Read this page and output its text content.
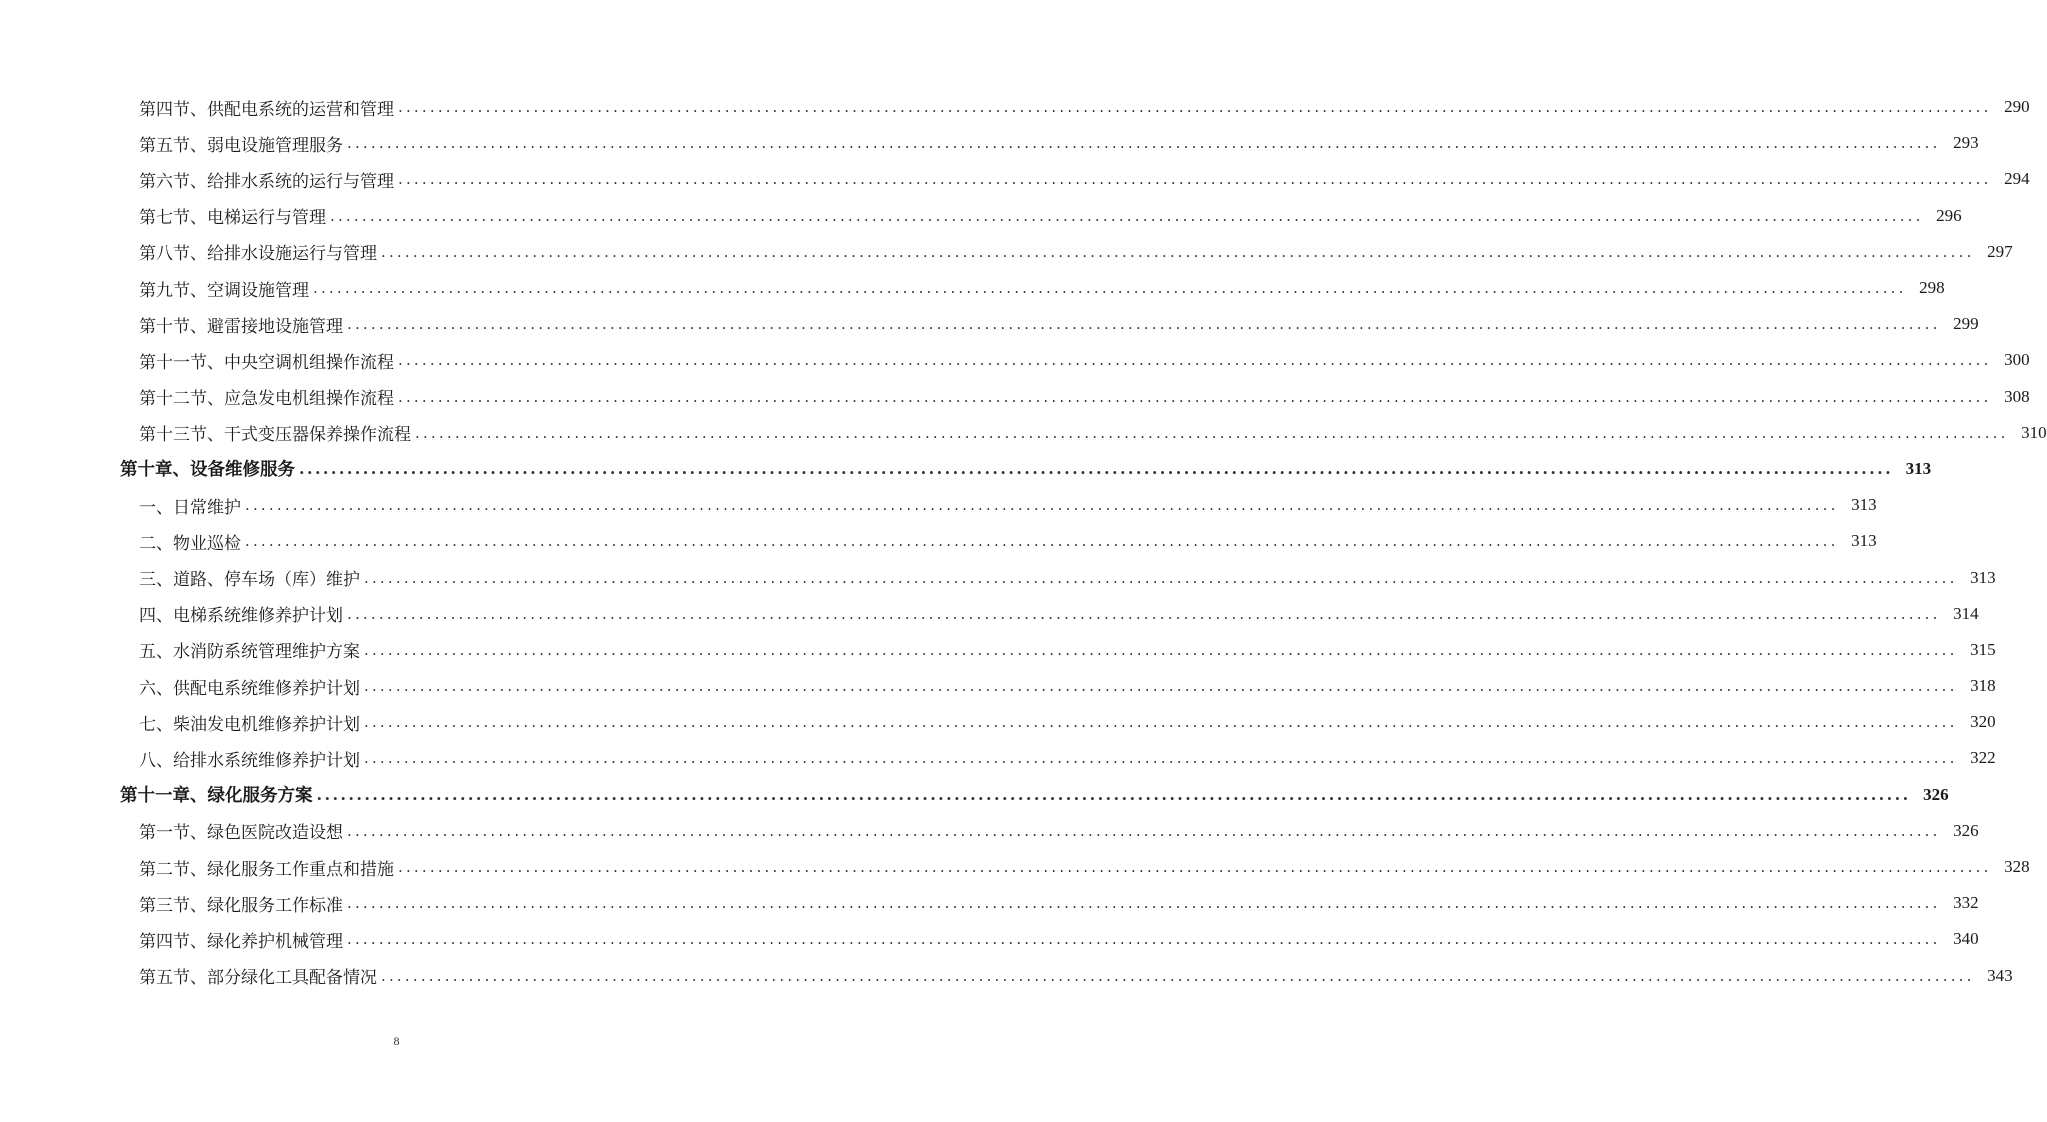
第四节、供配电系统的运营和管理 ........................................................................................................................................................................................................ 290
第五节、弱电设施管理服务 ........................................................................................................................................................................................................ 293
第六节、给排水系统的运行与管理 ........................................................................................................................................................................................................ 294
第七节、电梯运行与管理 ........................................................................................................................................................................................................ 296
第八节、给排水设施运行与管理 ........................................................................................................................................................................................................ 297
第九节、空调设施管理 ........................................................................................................................................................................................................ 298
第十节、避雷接地设施管理 ........................................................................................................................................................................................................ 299
第十一节、中央空调机组操作流程 ........................................................................................................................................................................................................ 300
第十二节、应急发电机组操作流程 ........................................................................................................................................................................................................ 308
第十三节、干式变压器保养操作流程 ........................................................................................................................................................................................................ 310
第十章、设备维修服务 ........................................................................................................................................................................................................ 313
一、日常维护 ........................................................................................................................................................................................................ 313
二、物业巡检 ........................................................................................................................................................................................................ 313
三、道路、停车场（库）维护 ........................................................................................................................................................................................................ 313
四、电梯系统维修养护计划 ........................................................................................................................................................................................................ 314
五、水消防系统管理维护方案 ........................................................................................................................................................................................................ 315
六、供配电系统维修养护计划 ........................................................................................................................................................................................................ 318
七、柴油发电机维修养护计划 ........................................................................................................................................................................................................ 320
八、给排水系统维修养护计划 ........................................................................................................................................................................................................ 322
第十一章、绿化服务方案 ........................................................................................................................................................................................................ 326
第一节、绿色医院改造设想 ........................................................................................................................................................................................................ 326
第二节、绿化服务工作重点和措施 ........................................................................................................................................................................................................ 328
第三节、绿化服务工作标准 ........................................................................................................................................................................................................ 332
第四节、绿化养护机械管理 ........................................................................................................................................................................................................ 340
第五节、部分绿化工具配备情况 ........................................................................................................................................................................................................ 343
8
